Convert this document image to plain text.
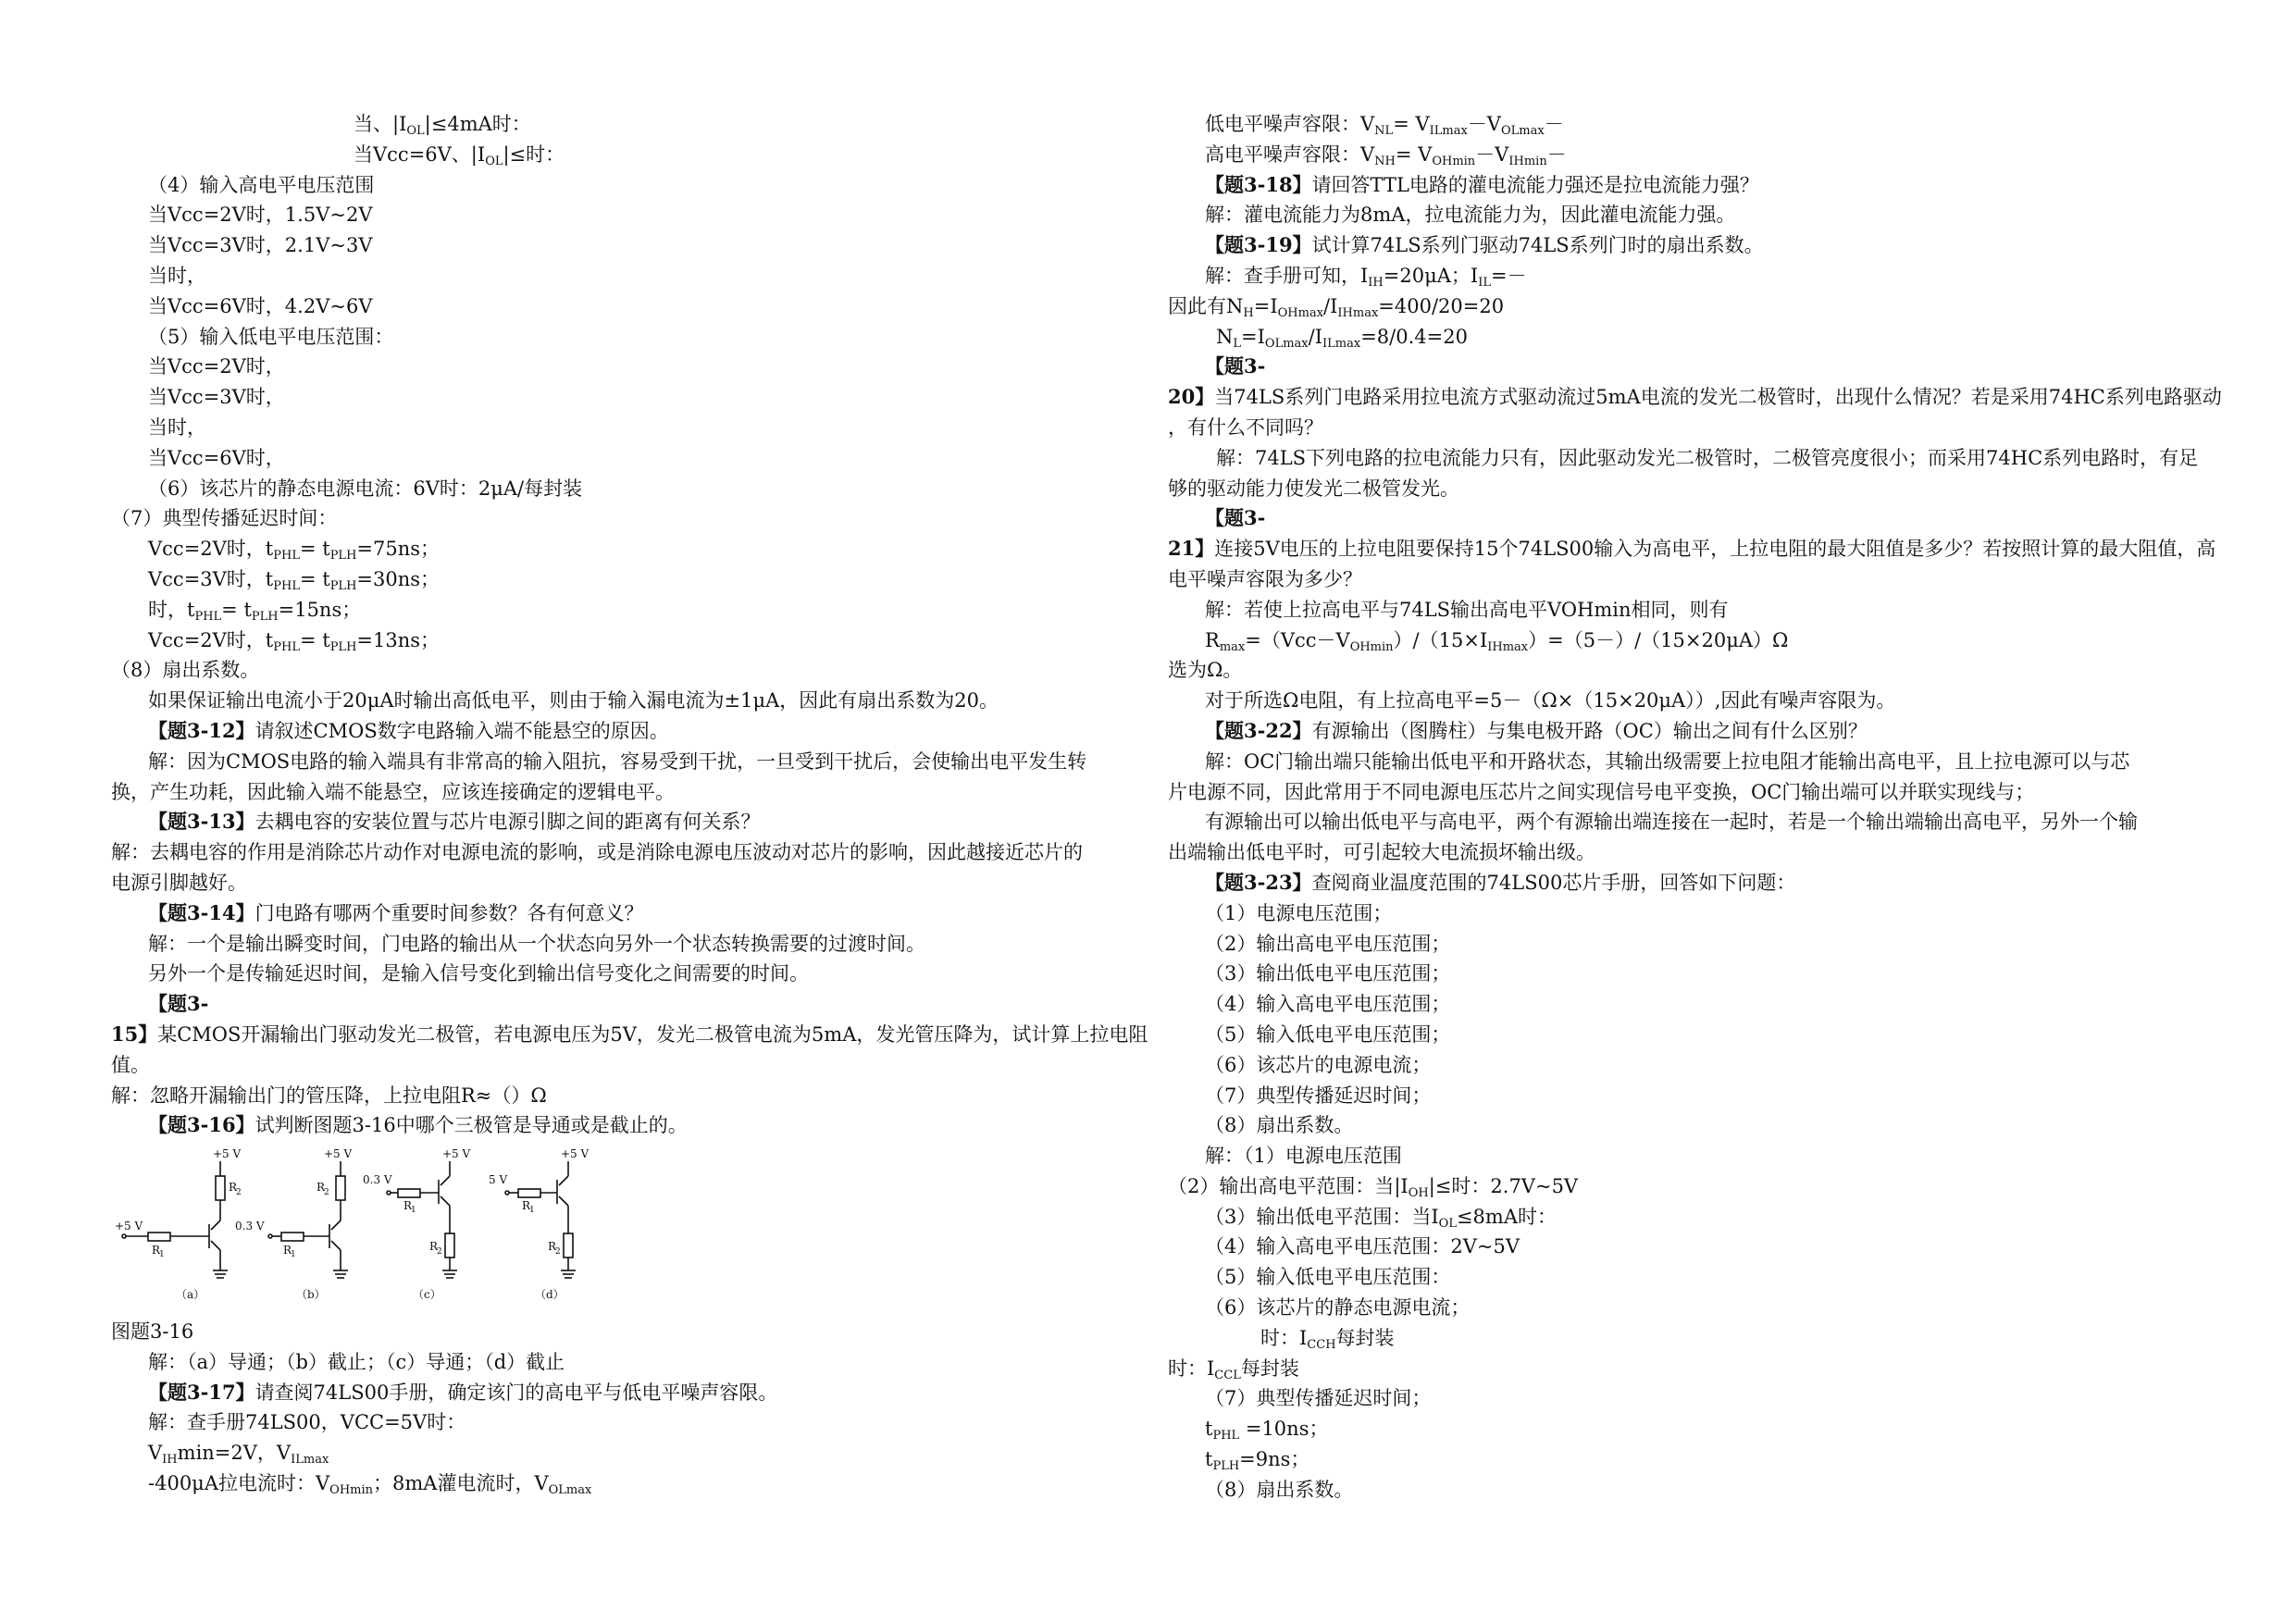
当、$|I_{OL}|\le 4mA$时：
当Vcc=6V、$|I_{OL}|\le$时：
（4）输入高电平电压范围
当Vcc=2V时，1.5V~2V
当Vcc=3V时，2.1V~3V
当时，
当Vcc=6V时，4.2V~6V
（5）输入低电平电压范围：
当Vcc=2V时，
当Vcc=3V时，
当时，
当Vcc=6V时，
（6）该芯片的静态电源电流：6V时：2μA/每封装
（7）典型传播延迟时间：
Vcc=2V时，$t_{PHL}= t_{PLH}=75ns$；
Vcc=3V时，$t_{PHL}= t_{PLH}=30ns$；
时，$t_{PHL}= t_{PLH}=15ns$；
Vcc=2V时，$t_{PHL}= t_{PLH}=13ns$；
（8）扇出系数。
如果保证输出电流小于20μA时输出高低电平，则由于输入漏电流为±1μA，因此有扇出系数为20。
【题3-12】请叙述CMOS数字电路输入端不能悬空的原因。
解：因为CMOS电路的输入端具有非常高的输入阻抗，容易受到干扰，一旦受到干扰后，会使输出电平发生转
换，产生功耗，因此输入端不能悬空，应该连接确定的逻辑电平。
【题3-13】去耦电容的安装位置与芯片电源引脚之间的距离有何关系？
解：去耦电容的作用是消除芯片动作对电源电流的影响，或是消除电源电压波动对芯片的影响，因此越接近芯片的
电源引脚越好。
【题3-14】门电路有哪两个重要时间参数？各有何意义？
解：一个是输出瞬变时间，门电路的输出从一个状态向另外一个状态转换需要的过渡时间。
另外一个是传输延迟时间，是输入信号变化到输出信号变化之间需要的时间。
【题3-
15】某CMOS开漏输出门驱动发光二极管，若电源电压为5V，发光二极管电流为5mA，发光管压降为，试计算上拉电阻
值。
解：忽略开漏输出门的管压降，上拉电阻R≈（）Ω
【题3-16】试判断图题3-16中哪个三极管是导通或是截止的。
+5 V
R
2
+5 V
R
1
（a）
+5 V
R
2
0.3 V
R
1
（b）
+5 V
R
2
0.3 V
R
1
（c）
+5 V
R
2
5 V
R
1
（d）
图题3-16
解：（a）导通；（b）截止；（c）导通；（d）截止
【题3-17】请查阅74LS00手册，确定该门的高电平与低电平噪声容限。
解：查手册74LS00，VCC=5V时：
$V_{IH}\min=2V$，$V_{ILmax}$
-400μA拉电流时：$V_{OHmin}$；8mA灌电流时，$V_{OLmax}$
低电平噪声容限：$V_{NL}= V_{ILmax}-V_{OLmax}-$
高电平噪声容限：$V_{NH}= V_{OHmin}-V_{IHmin}-$
【题3-18】请回答TTL电路的灌电流能力强还是拉电流能力强？
解：灌电流能力为8mA，拉电流能力为，因此灌电流能力强。
【题3-19】试计算74LS系列门驱动74LS系列门时的扇出系数。
解：查手册可知，$I_{IH}=20\mu A$；$I_{IL}=-$
因此有$N_H=I_{OHmax}/I_{IHmax}=400/20=20$
$N_L=I_{OLmax}/I_{ILmax}=8/0.4=20$
【题3-
20】当74LS系列门电路采用拉电流方式驱动流过5mA电流的发光二极管时，出现什么情况？若是采用74HC系列电路驱动
，有什么不同吗？
解：74LS下列电路的拉电流能力只有，因此驱动发光二极管时，二极管亮度很小；而采用74HC系列电路时，有足
够的驱动能力使发光二极管发光。
【题3-
21】连接5V电压的上拉电阻要保持15个74LS00输入为高电平，上拉电阻的最大阻值是多少？若按照计算的最大阻值，高
电平噪声容限为多少？
解：若使上拉高电平与74LS输出高电平VOHmin相同，则有
$R_{max}=(Vcc-V_{OHmin})/(15\times I_{IHmax})=(5-)/(15\times 20\mu A)\Omega$
选为Ω。
对于所选Ω电阻，有上拉高电平=5－（Ω×（15×20μA））,因此有噪声容限为。
【题3-22】有源输出（图腾柱）与集电极开路（OC）输出之间有什么区别？
解：OC门输出端只能输出低电平和开路状态，其输出级需要上拉电阻才能输出高电平，且上拉电源可以与芯
片电源不同，因此常用于不同电源电压芯片之间实现信号电平变换，OC门输出端可以并联实现线与；
有源输出可以输出低电平与高电平，两个有源输出端连接在一起时，若是一个输出端输出高电平，另外一个输
出端输出低电平时，可引起较大电流损坏输出级。
【题3-23】查阅商业温度范围的74LS00芯片手册，回答如下问题：
（1）电源电压范围；
（2）输出高电平电压范围；
（3）输出低电平电压范围；
（4）输入高电平电压范围；
（5）输入低电平电压范围；
（6）该芯片的电源电流；
（7）典型传播延迟时间；
（8）扇出系数。
解：（1）电源电压范围
（2）输出高电平范围：当$|I_{OH}|\le$时：2.7V~5V
（3）输出低电平范围：当$I_{OL}\le 8mA$时：
（4）输入高电平电压范围：2V~5V
（5）输入低电平电压范围：
（6）该芯片的静态电源电流；
时：$I_{CCH}$每封装
时：$I_{CCL}$每封装
（7）典型传播延迟时间；
$t_{PHL} =10ns$；
$t_{PLH}=9ns$；
（8）扇出系数。
